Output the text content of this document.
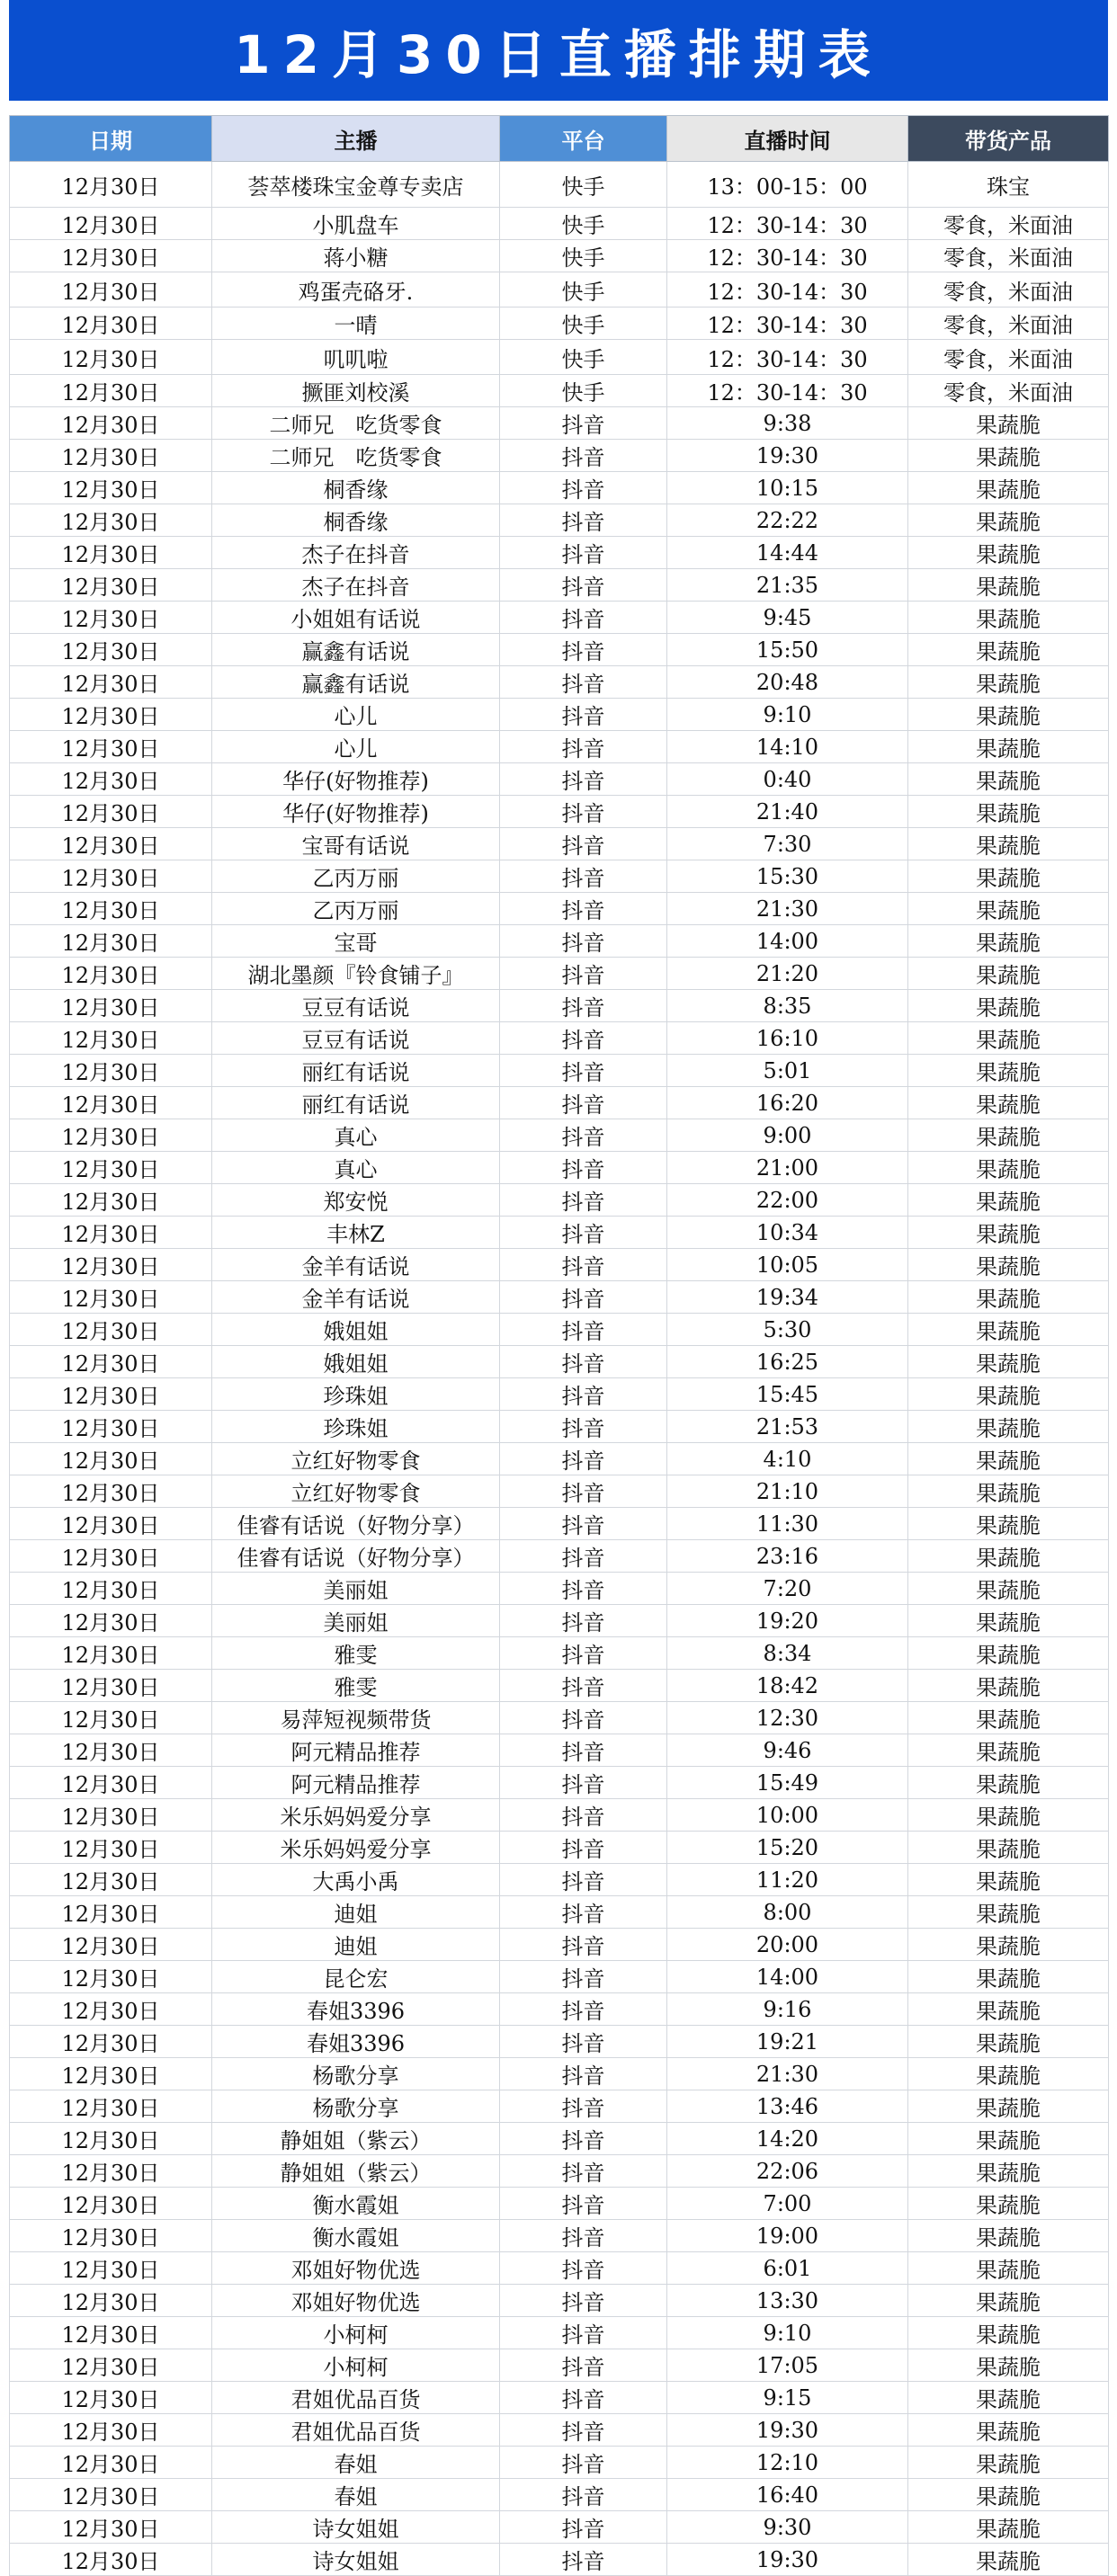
12月30日直播排期表
日期	主播	平台	直播时间	带货产品
12月30日	荟萃楼珠宝金尊专卖店	快手	13：00-15：00	珠宝
12月30日	小肌盘车	快手	12：30-14：30	零食，米面油
12月30日	蒋小糖	快手	12：30-14：30	零食，米面油
12月30日	鸡蛋壳硌牙.	快手	12：30-14：30	零食，米面油
12月30日	一晴	快手	12：30-14：30	零食，米面油
12月30日	叽叽啦	快手	12：30-14：30	零食，米面油
12月30日	撅匪刘校溪	快手	12：30-14：30	零食，米面油
12月30日	二师兄　吃货零食	抖音	9:38	果蔬脆
12月30日	二师兄　吃货零食	抖音	19:30	果蔬脆
12月30日	桐香缘	抖音	10:15	果蔬脆
12月30日	桐香缘	抖音	22:22	果蔬脆
12月30日	杰子在抖音	抖音	14:44	果蔬脆
12月30日	杰子在抖音	抖音	21:35	果蔬脆
12月30日	小姐姐有话说	抖音	9:45	果蔬脆
12月30日	赢鑫有话说	抖音	15:50	果蔬脆
12月30日	赢鑫有话说	抖音	20:48	果蔬脆
12月30日	心儿	抖音	9:10	果蔬脆
12月30日	心儿	抖音	14:10	果蔬脆
12月30日	华仔(好物推荐)	抖音	0:40	果蔬脆
12月30日	华仔(好物推荐)	抖音	21:40	果蔬脆
12月30日	宝哥有话说	抖音	7:30	果蔬脆
12月30日	乙丙万丽	抖音	15:30	果蔬脆
12月30日	乙丙万丽	抖音	21:30	果蔬脆
12月30日	宝哥	抖音	14:00	果蔬脆
12月30日	湖北墨颜『铃食铺子』	抖音	21:20	果蔬脆
12月30日	豆豆有话说	抖音	8:35	果蔬脆
12月30日	豆豆有话说	抖音	16:10	果蔬脆
12月30日	丽红有话说	抖音	5:01	果蔬脆
12月30日	丽红有话说	抖音	16:20	果蔬脆
12月30日	真心	抖音	9:00	果蔬脆
12月30日	真心	抖音	21:00	果蔬脆
12月30日	郑安悦	抖音	22:00	果蔬脆
12月30日	丰林Z	抖音	10:34	果蔬脆
12月30日	金羊有话说	抖音	10:05	果蔬脆
12月30日	金羊有话说	抖音	19:34	果蔬脆
12月30日	娥姐姐	抖音	5:30	果蔬脆
12月30日	娥姐姐	抖音	16:25	果蔬脆
12月30日	珍珠姐	抖音	15:45	果蔬脆
12月30日	珍珠姐	抖音	21:53	果蔬脆
12月30日	立红好物零食	抖音	4:10	果蔬脆
12月30日	立红好物零食	抖音	21:10	果蔬脆
12月30日	佳睿有话说（好物分享）	抖音	11:30	果蔬脆
12月30日	佳睿有话说（好物分享）	抖音	23:16	果蔬脆
12月30日	美丽姐	抖音	7:20	果蔬脆
12月30日	美丽姐	抖音	19:20	果蔬脆
12月30日	雅雯	抖音	8:34	果蔬脆
12月30日	雅雯	抖音	18:42	果蔬脆
12月30日	易萍短视频带货	抖音	12:30	果蔬脆
12月30日	阿元精品推荐	抖音	9:46	果蔬脆
12月30日	阿元精品推荐	抖音	15:49	果蔬脆
12月30日	米乐妈妈爱分享	抖音	10:00	果蔬脆
12月30日	米乐妈妈爱分享	抖音	15:20	果蔬脆
12月30日	大禹小禹	抖音	11:20	果蔬脆
12月30日	迪姐	抖音	8:00	果蔬脆
12月30日	迪姐	抖音	20:00	果蔬脆
12月30日	昆仑宏	抖音	14:00	果蔬脆
12月30日	春姐3396	抖音	9:16	果蔬脆
12月30日	春姐3396	抖音	19:21	果蔬脆
12月30日	杨歌分享	抖音	21:30	果蔬脆
12月30日	杨歌分享	抖音	13:46	果蔬脆
12月30日	静姐姐（紫云）	抖音	14:20	果蔬脆
12月30日	静姐姐（紫云）	抖音	22:06	果蔬脆
12月30日	衡水霞姐	抖音	7:00	果蔬脆
12月30日	衡水霞姐	抖音	19:00	果蔬脆
12月30日	邓姐好物优选	抖音	6:01	果蔬脆
12月30日	邓姐好物优选	抖音	13:30	果蔬脆
12月30日	小柯柯	抖音	9:10	果蔬脆
12月30日	小柯柯	抖音	17:05	果蔬脆
12月30日	君姐优品百货	抖音	9:15	果蔬脆
12月30日	君姐优品百货	抖音	19:30	果蔬脆
12月30日	春姐	抖音	12:10	果蔬脆
12月30日	春姐	抖音	16:40	果蔬脆
12月30日	诗女姐姐	抖音	9:30	果蔬脆
12月30日	诗女姐姐	抖音	19:30	果蔬脆
